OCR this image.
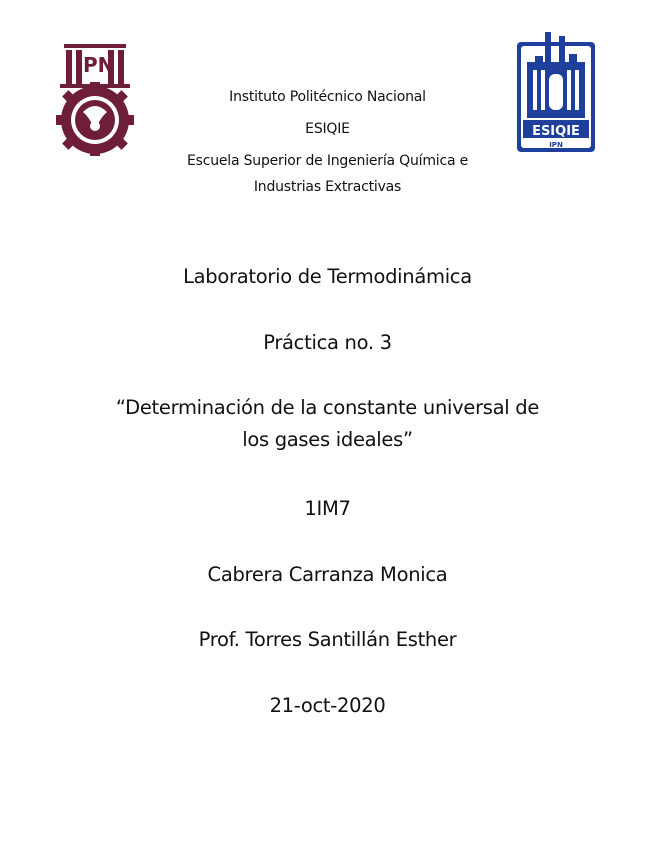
IPN
ESIQIE
IPN
Instituto Politécnico Nacional
ESIQIE
Escuela Superior de Ingeniería Química e
Industrias Extractivas
Laboratorio de Termodinámica
Práctica no. 3
“Determinación de la constante universal de
los gases ideales”
1IM7
Cabrera Carranza Monica
Prof. Torres Santillán Esther
21-oct-2020
